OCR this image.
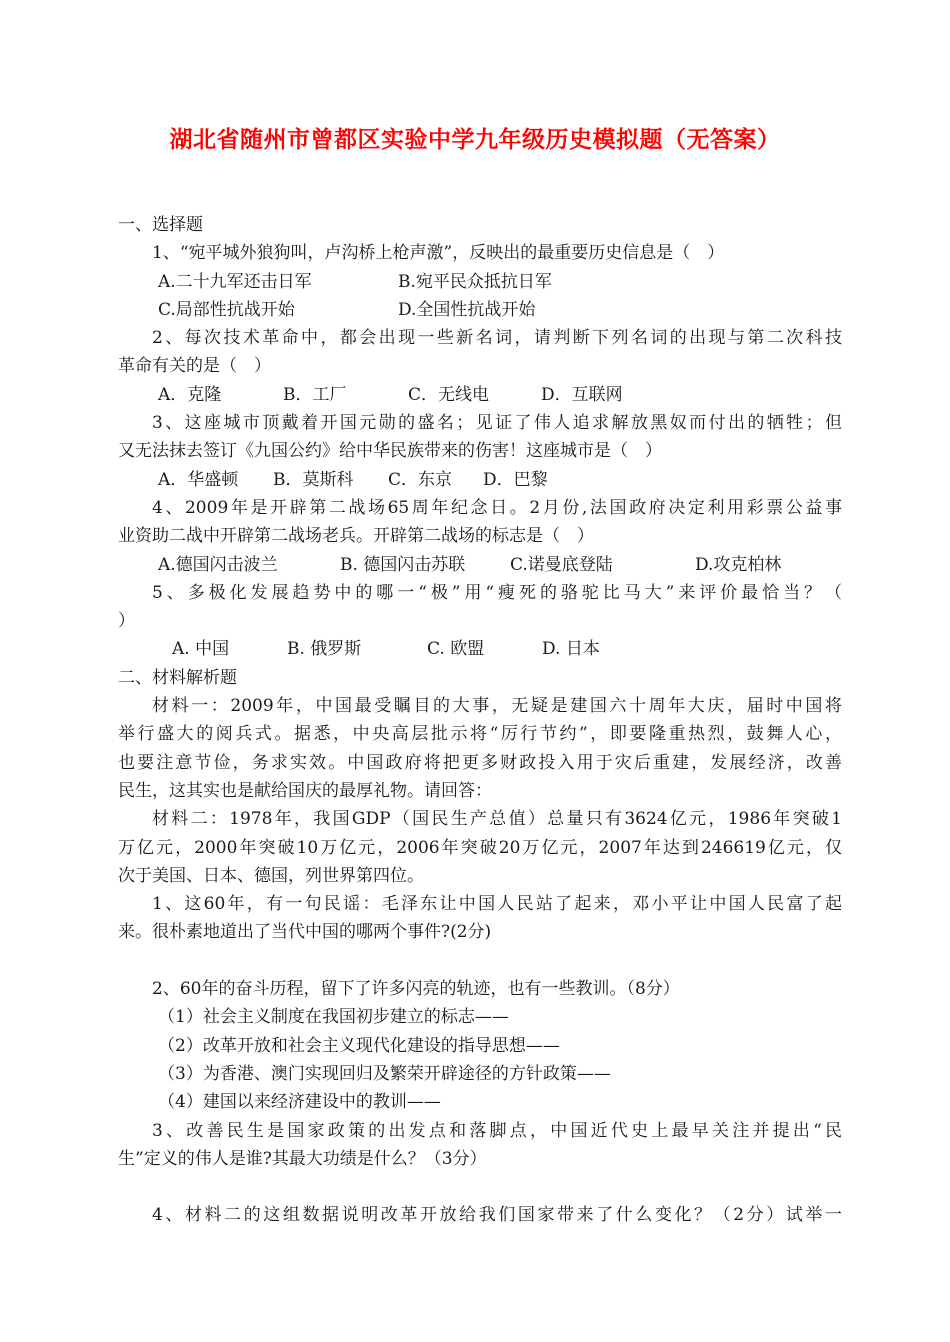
湖北省随州市曾都区实验中学九年级历史模拟题（无答案）
一、选择题
1、“宛平城外狼狗叫，卢沟桥上枪声激”，反映出的最重要历史信息是（　）
A.二十九军还击日军	B.宛平民众抵抗日军
C.局部性抗战开始	D.全国性抗战开始
2、每次技术革命中，都会出现一些新名词，请判断下列名词的出现与第二次科技
革命有关的是（　）
A．克隆	B．工厂	C．无线电	D．互联网
3、这座城市顶戴着开国元勋的盛名；见证了伟人追求解放黑奴而付出的牺牲；但
又无法抹去签订《九国公约》给中华民族带来的伤害！这座城市是（　）
A．华盛顿 B．莫斯科 C．东京 D．巴黎
4、2009年是开辟第二战场65周年纪念日。2月份,法国政府决定利用彩票公益事
业资助二战中开辟第二战场老兵。开辟第二战场的标志是（　）
A.德国闪击波兰	B. 德国闪击苏联	C.诺曼底登陆	D.攻克柏林
5、多极化发展趋势中的哪一“极”用“瘦死的骆驼比马大”来评价最恰当？（
）
A. 中国	B. 俄罗斯	C. 欧盟	D. 日本
二、材料解析题
材料一：2009年，中国最受瞩目的大事，无疑是建国六十周年大庆，届时中国将
举行盛大的阅兵式。据悉，中央高层批示将“厉行节约”，即要隆重热烈，鼓舞人心，
也要注意节俭，务求实效。中国政府将把更多财政投入用于灾后重建，发展经济，改善
民生，这其实也是献给国庆的最厚礼物。请回答：
材料二：1978年，我国GDP（国民生产总值）总量只有3624亿元，1986年突破1
万亿元，2000年突破10万亿元，2006年突破20万亿元，2007年达到246619亿元，仅
次于美国、日本、德国，列世界第四位。
1、这60年，有一句民谣：毛泽东让中国人民站了起来，邓小平让中国人民富了起
来。很朴素地道出了当代中国的哪两个事件?(2分)
2、60年的奋斗历程，留下了许多闪亮的轨迹，也有一些教训。（8分）
（1）社会主义制度在我国初步建立的标志——
（2）改革开放和社会主义现代化建设的指导思想——
（3）为香港、澳门实现回归及繁荣开辟途径的方针政策——
（4）建国以来经济建设中的教训——
3、改善民生是国家政策的出发点和落脚点，中国近代史上最早关注并提出“民
生”定义的伟人是谁?其最大功绩是什么？（3分）
4、材料二的这组数据说明改革开放给我们国家带来了什么变化？（2分）试举一
